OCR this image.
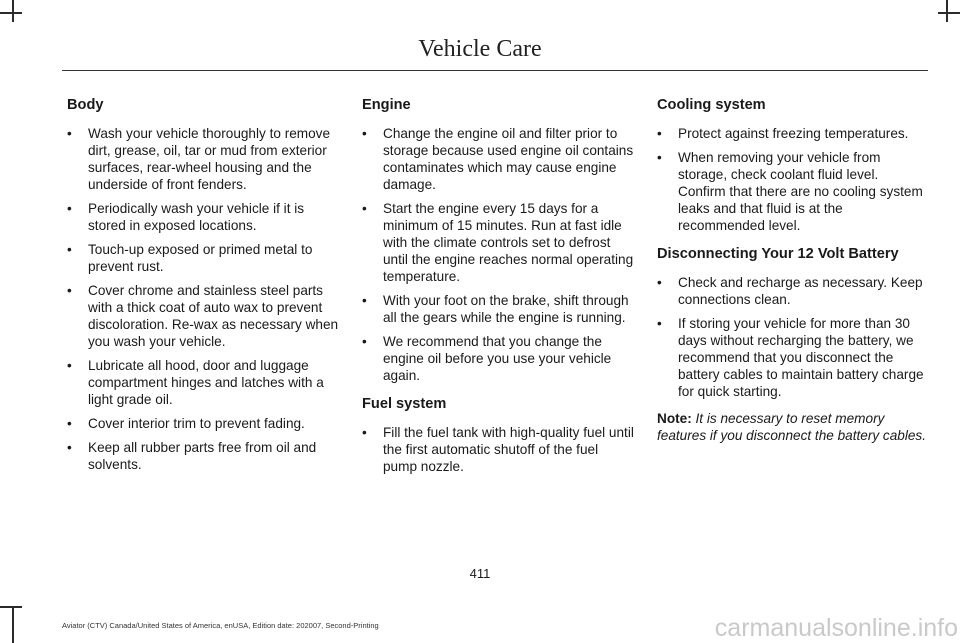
Vehicle Care
Body
• Wash your vehicle thoroughly to remove dirt, grease, oil, tar or mud from exterior surfaces, rear-wheel housing and the underside of front fenders.
• Periodically wash your vehicle if it is stored in exposed locations.
• Touch-up exposed or primed metal to prevent rust.
• Cover chrome and stainless steel parts with a thick coat of auto wax to prevent discoloration. Re-wax as necessary when you wash your vehicle.
• Lubricate all hood, door and luggage compartment hinges and latches with a light grade oil.
• Cover interior trim to prevent fading.
• Keep all rubber parts free from oil and solvents.
Engine
• Change the engine oil and filter prior to storage because used engine oil contains contaminates which may cause engine damage.
• Start the engine every 15 days for a minimum of 15 minutes. Run at fast idle with the climate controls set to defrost until the engine reaches normal operating temperature.
• With your foot on the brake, shift through all the gears while the engine is running.
• We recommend that you change the engine oil before you use your vehicle again.
Fuel system
• Fill the fuel tank with high-quality fuel until the first automatic shutoff of the fuel pump nozzle.
Cooling system
• Protect against freezing temperatures.
• When removing your vehicle from storage, check coolant fluid level. Confirm that there are no cooling system leaks and that fluid is at the recommended level.
Disconnecting Your 12 Volt Battery
• Check and recharge as necessary. Keep connections clean.
• If storing your vehicle for more than 30 days without recharging the battery, we recommend that you disconnect the battery cables to maintain battery charge for quick starting.

Note: It is necessary to reset memory features if you disconnect the battery cables.

411
Aviator (CTV) Canada/United States of America, enUSA, Edition date: 202007, Second-Printing	carmanualsonline.info
